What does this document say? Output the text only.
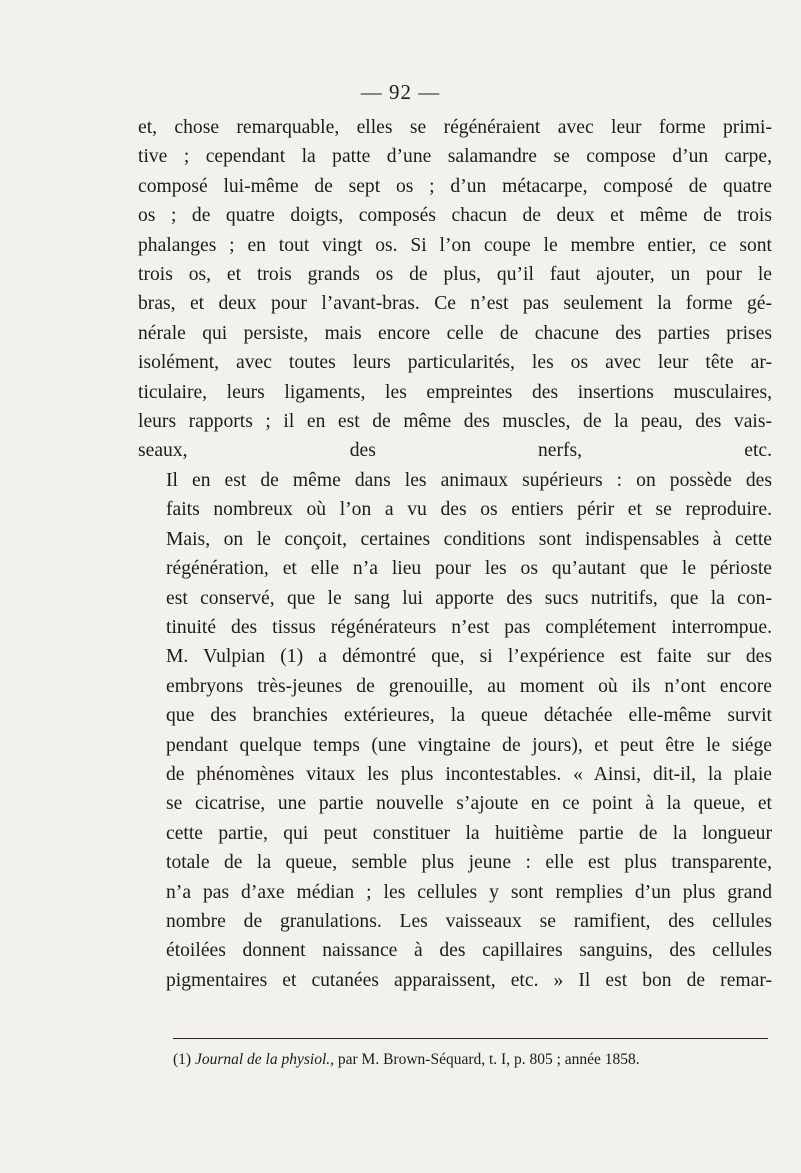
— 92 —

et, chose remarquable, elles se régénéraient avec leur forme primi-
tive ; cependant la patte d’une salamandre se compose d’un carpe,
composé lui-même de sept os ; d’un métacarpe, composé de quatre
os ; de quatre doigts, composés chacun de deux et même de trois
phalanges ; en tout vingt os. Si l’on coupe le membre entier, ce sont
trois os, et trois grands os de plus, qu’il faut ajouter, un pour le
bras, et deux pour l’avant-bras. Ce n’est pas seulement la forme gé-
nérale qui persiste, mais encore celle de chacune des parties prises
isolément, avec toutes leurs particularités, les os avec leur tête ar-
ticulaire, leurs ligaments, les empreintes des insertions musculaires,
leurs rapports ; il en est de même des muscles, de la peau, des vais-
seaux, des nerfs, etc.

Il en est de même dans les animaux supérieurs : on possède des
faits nombreux où l’on a vu des os entiers périr et se reproduire.
Mais, on le conçoit, certaines conditions sont indispensables à cette
régénération, et elle n’a lieu pour les os qu’autant que le périoste
est conservé, que le sang lui apporte des sucs nutritifs, que la con-
tinuité des tissus régénérateurs n’est pas complétement interrompue.

M. Vulpian (1) a démontré que, si l’expérience est faite sur des
embryons très-jeunes de grenouille, au moment où ils n’ont encore
que des branchies extérieures, la queue détachée elle-même survit
pendant quelque temps (une vingtaine de jours), et peut être le siége
de phénomènes vitaux les plus incontestables. « Ainsi, dit-il, la plaie
se cicatrise, une partie nouvelle s’ajoute en ce point à la queue, et
cette partie, qui peut constituer la huitième partie de la longueur
totale de la queue, semble plus jeune : elle est plus transparente,
n’a pas d’axe médian ; les cellules y sont remplies d’un plus grand
nombre de granulations. Les vaisseaux se ramifient, des cellules
étoilées donnent naissance à des capillaires sanguins, des cellules
pigmentaires et cutanées apparaissent, etc. » Il est bon de remar-

(1) Journal de la physiol., par M. Brown-Séquard, t. I, p. 805 ; année 1858.
